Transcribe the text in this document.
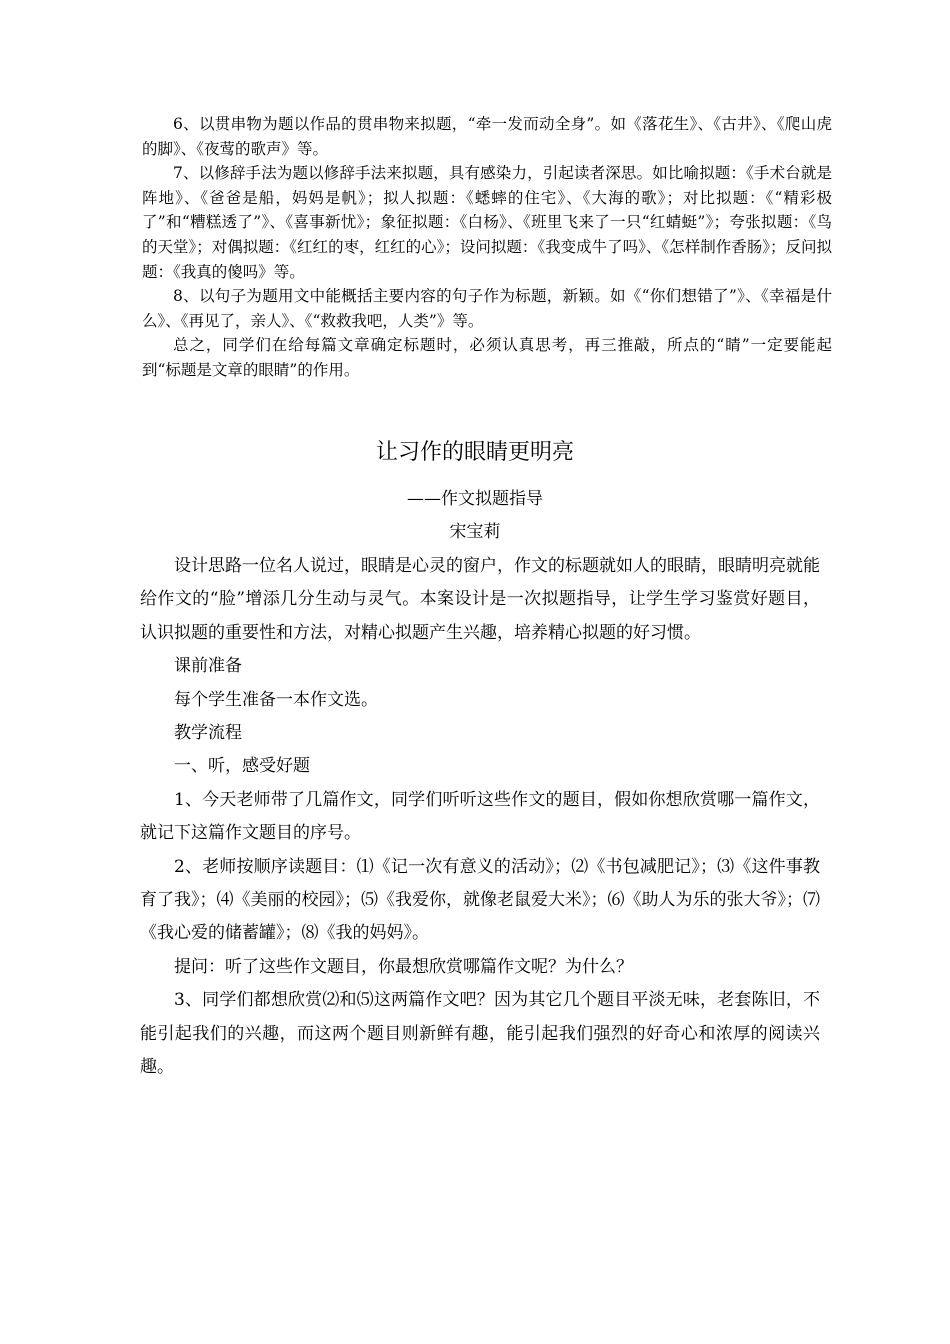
6、以贯串物为题以作品的贯串物来拟题，“牵一发而动全身”。如《落花生》、《古井》、《爬山虎的脚》、《夜莺的歌声》等。

7、以修辞手法为题以修辞手法来拟题，具有感染力，引起读者深思。如比喻拟题：《手术台就是阵地》、《爸爸是船，妈妈是帆》；拟人拟题：《蟋蟀的住宅》、《大海的歌》；对比拟题：《“精彩极了”和“糟糕透了”》、《喜事新忧》；象征拟题：《白杨》、《班里飞来了一只“红蜻蜓”》；夸张拟题：《鸟的天堂》；对偶拟题：《红红的枣，红红的心》；设问拟题：《我变成牛了吗》、《怎样制作香肠》；反问拟题：《我真的傻吗》等。

8、以句子为题用文中能概括主要内容的句子作为标题，新颖。如《“你们想错了”》、《幸福是什么》、《再见了，亲人》、《“救救我吧，人类”》等。

总之，同学们在给每篇文章确定标题时，必须认真思考，再三推敲，所点的“睛”一定要能起到“标题是文章的眼睛”的作用。

让习作的眼睛更明亮
——作文拟题指导
宋宝莉

设计思路一位名人说过，眼睛是心灵的窗户，作文的标题就如人的眼睛，眼睛明亮就能给作文的“脸”增添几分生动与灵气。本案设计是一次拟题指导，让学生学习鉴赏好题目，认识拟题的重要性和方法，对精心拟题产生兴趣，培养精心拟题的好习惯。

课前准备

每个学生准备一本作文选。

教学流程

一、听，感受好题

1、今天老师带了几篇作文，同学们听听这些作文的题目，假如你想欣赏哪一篇作文，就记下这篇作文题目的序号。

2、老师按顺序读题目：⑴《记一次有意义的活动》；⑵《书包减肥记》；⑶《这件事教育了我》；⑷《美丽的校园》；⑸《我爱你，就像老鼠爱大米》；⑹《助人为乐的张大爷》；⑺《我心爱的储蓄罐》；⑻《我的妈妈》。

提问：听了这些作文题目，你最想欣赏哪篇作文呢？为什么？

3、同学们都想欣赏⑵和⑸这两篇作文吧？因为其它几个题目平淡无味，老套陈旧，不能引起我们的兴趣，而这两个题目则新鲜有趣，能引起我们强烈的好奇心和浓厚的阅读兴趣。
